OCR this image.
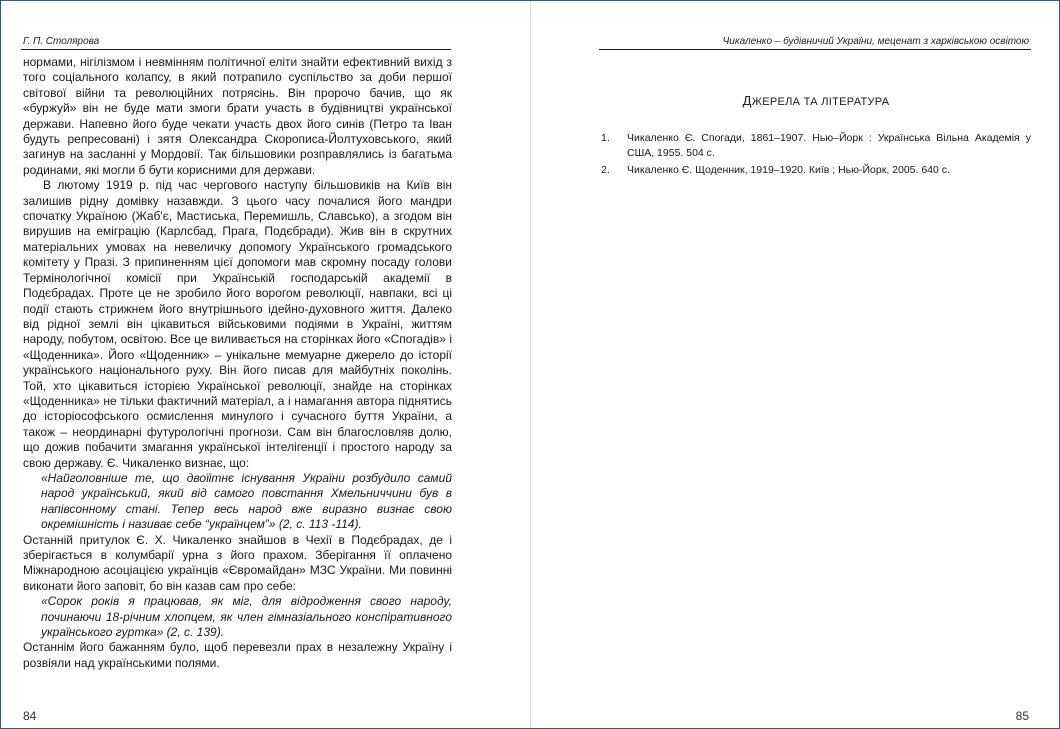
Г. П. Столярова

нормами, нігілізмом і невмінням політичної еліти знайти ефективний вихід з того соціального колапсу, в який потрапило суспільство за доби першої світової війни та революційних потрясінь. Він пророчо бачив, що як «буржуй» він не буде мати змоги брати участь в будівництві української держави. Напевно його буде чекати участь двох його синів (Петро та Іван будуть репресовані) і зятя Олександра Скорописа-Йолтуховського, який загинув на засланні у Мордовії. Так більшовики розправлялись із багатьма родинами, які могли б бути корисними для держави.

В лютому 1919 р. під час чергового наступу більшовиків на Київ він залишив рідну домівку назавжди. З цього часу почалися його мандри спочатку Україною (Жаб'є, Мастиська, Перемишль, Славсько), а згодом він вирушив на еміграцію (Карлсбад, Прага, Подєбради). Жив він в скрутних матеріальних умовах на невеличку допомогу Українського громадського комітету у Празі. З припиненням цієї допомоги мав скромну посаду голови Термінологічної комісії при Українській господарській академії в Подєбрадах. Проте це не зробило його ворогом революції, навпаки, всі ці події стають стрижнем його внутрішнього ідейно-духовного життя. Далеко від рідної землі він цікавиться військовими подіями в Україні, життям народу, побутом, освітою. Все це виливається на сторінках його «Спогадів» і «Щоденника». Його «Щоденник» – унікальне мемуарне джерело до історії українського національного руху. Він його писав для майбутніх поколінь. Той, хто цікавиться історією Української революції, знайде на сторінках «Щоденника» не тільки фактичний матеріал, а і намагання автора піднятись до історіософського осмислення минулого і сучасного буття України, а також – неординарні футурологічні прогнози. Сам він благословляв долю, що дожив побачити змагання української інтелігенції і простого народу за свою державу. Є. Чикаленко визнає, що:

«Найголовніше те, що двоїітнє існування України розбудило самий народ український, який від самого повстання Хмельниччини був в напівсонному стані. Тепер весь народ вже виразно визнає свою окремішність і називає себе “українцем”» (2, с. 113 -114).

Останній притулок Є. Х. Чикаленко знайшов в Чехії в Подєбрадах, де і зберігається в колумбарії урна з його прахом. Зберігання її оплачено Міжнародною асоціацією українців «Євромайдан» МЗС України. Ми повинні виконати його заповіт, бо він казав сам про себе:

«Сорок років я працював, як міг, для відродження свого народу, починаючи 18-річним хлопцем, як член гімназіального конспіративного українського гуртка» (2, с. 139).

Останнім його бажанням було, щоб перевезли прах в незалежну Україну і розвіяли над українськими полями.

84
Чикаленко – будівничий України, меценат з харківською освітою
ДЖЕРЕЛА ТА ЛІТЕРАТУРА
1. Чикаленко Є. Спогади, 1861–1907. Нью–Йорк : Українська Вільна Академія у США, 1955. 504 с.
2. Чикаленко Є. Щоденник, 1919–1920. Київ ; Нью-Йорк, 2005. 640 с.
85
